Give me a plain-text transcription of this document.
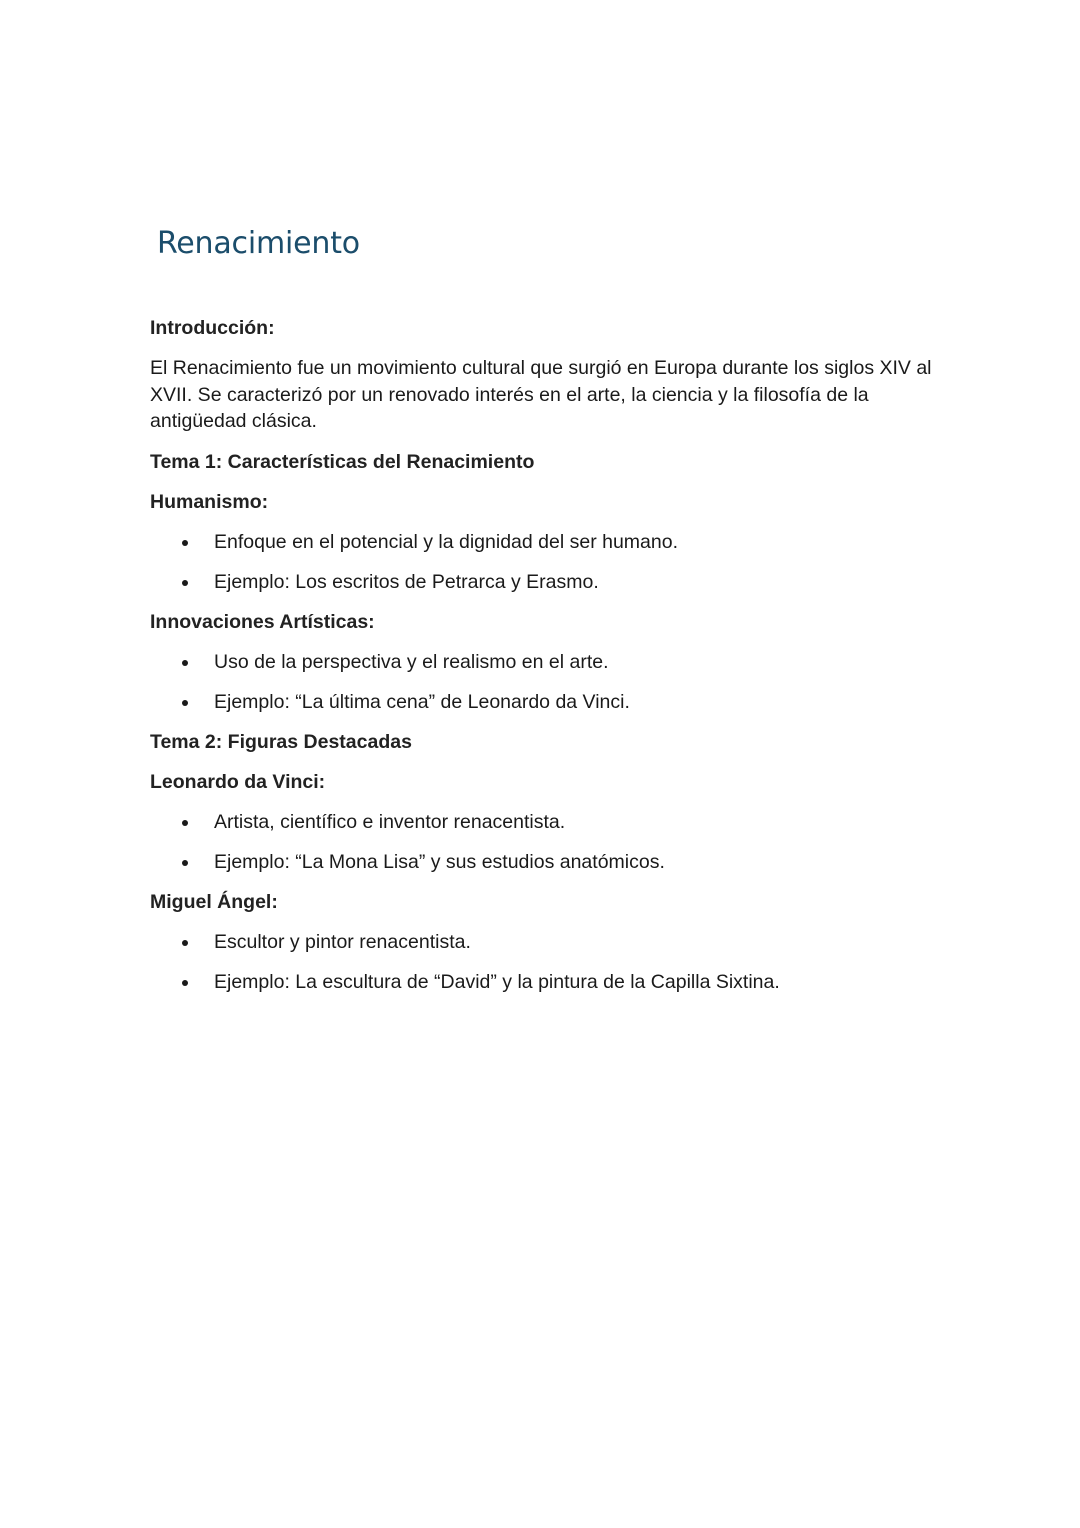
Renacimiento

Introducción:

El Renacimiento fue un movimiento cultural que surgió en Europa durante los siglos XIV al XVII. Se caracterizó por un renovado interés en el arte, la ciencia y la filosofía de la antigüedad clásica.

Tema 1: Características del Renacimiento

Humanismo:

Enfoque en el potencial y la dignidad del ser humano.
Ejemplo: Los escritos de Petrarca y Erasmo.

Innovaciones Artísticas:

Uso de la perspectiva y el realismo en el arte.
Ejemplo: “La última cena” de Leonardo da Vinci.

Tema 2: Figuras Destacadas

Leonardo da Vinci:

Artista, científico e inventor renacentista.
Ejemplo: “La Mona Lisa” y sus estudios anatómicos.

Miguel Ángel:

Escultor y pintor renacentista.
Ejemplo: La escultura de “David” y la pintura de la Capilla Sixtina.
